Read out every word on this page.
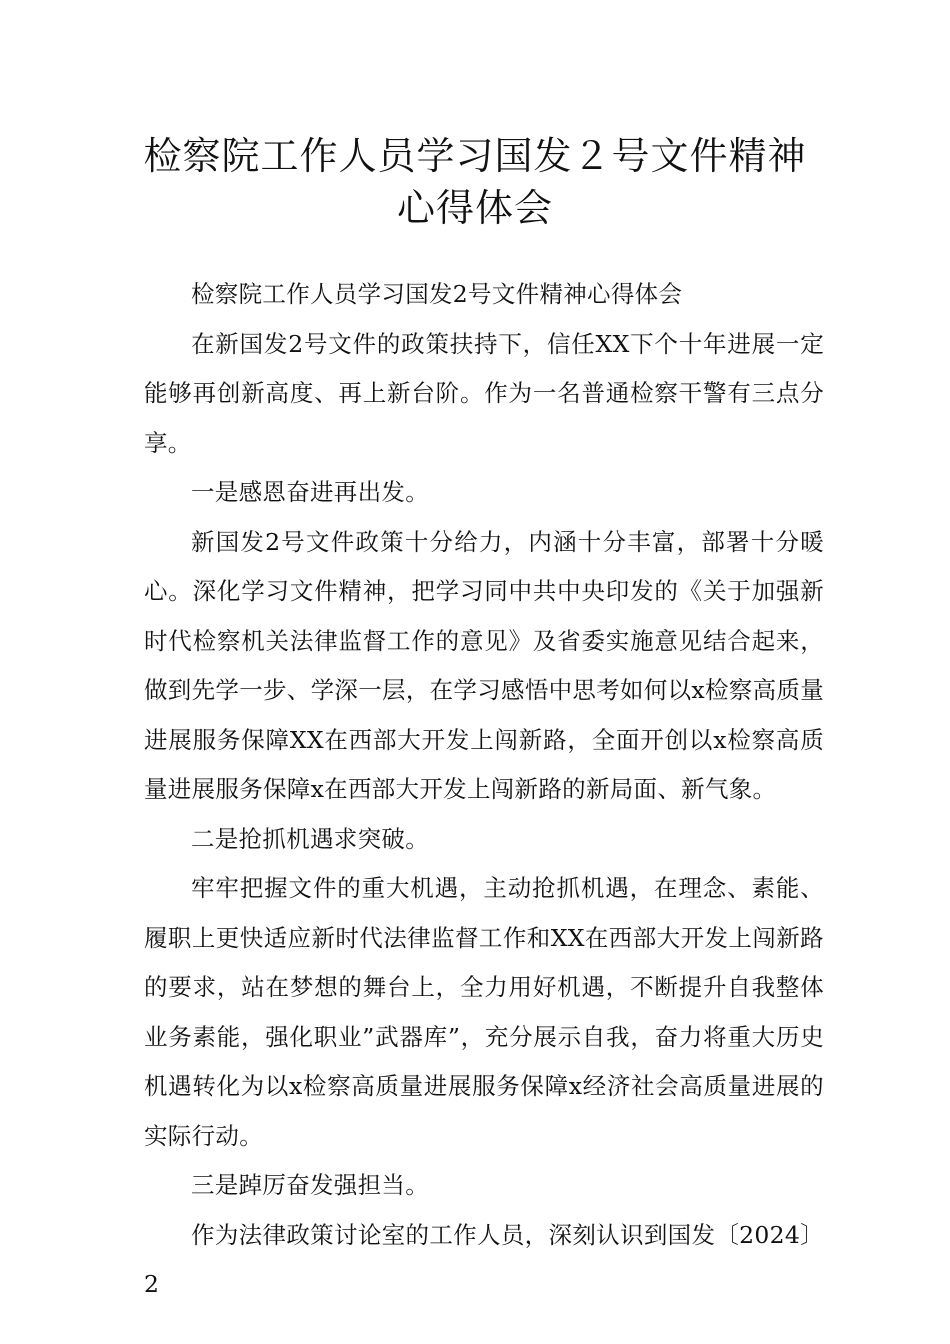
检察院工作人员学习国发２号文件精神
心得体会

检察院工作人员学习国发2号文件精神心得体会

在新国发2号文件的政策扶持下，信任XX下个十年进展一定能够再创新高度、再上新台阶。作为一名普通检察干警有三点分享。

一是感恩奋进再出发。

新国发2号文件政策十分给力，内涵十分丰富，部署十分暖心。深化学习文件精神，把学习同中共中央印发的《关于加强新时代检察机关法律监督工作的意见》及省委实施意见结合起来，做到先学一步、学深一层，在学习感悟中思考如何以x检察高质量进展服务保障XX在西部大开发上闯新路，全面开创以x检察高质量进展服务保障x在西部大开发上闯新路的新局面、新气象。

二是抢抓机遇求突破。

牢牢把握文件的重大机遇，主动抢抓机遇，在理念、素能、履职上更快适应新时代法律监督工作和XX在西部大开发上闯新路的要求，站在梦想的舞台上，全力用好机遇，不断提升自我整体业务素能，强化职业”武器库”，充分展示自我，奋力将重大历史机遇转化为以x检察高质量进展服务保障x经济社会高质量进展的实际行动。

三是踔厉奋发强担当。

作为法律政策讨论室的工作人员，深刻认识到国发〔2024〕2
